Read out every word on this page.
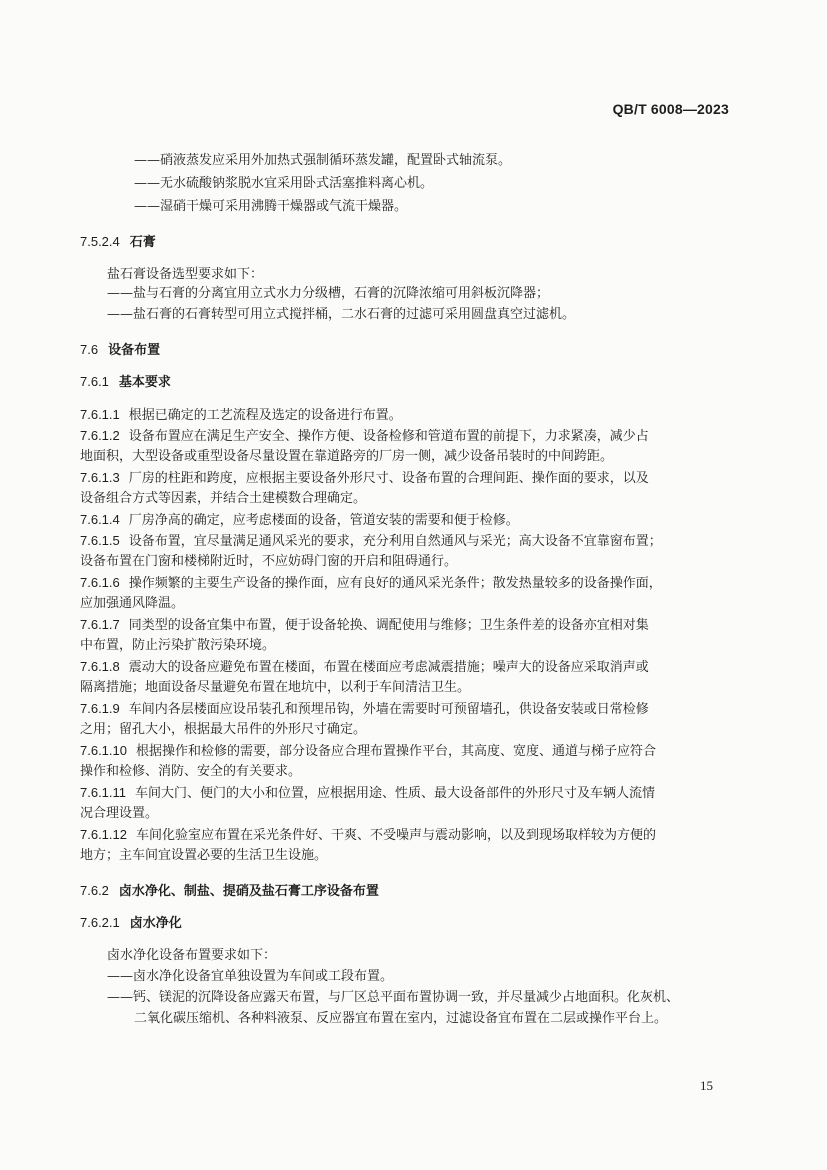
QB/T 6008—2023
——硝液蒸发应采用外加热式强制循环蒸发罐，配置卧式轴流泵。
——无水硫酸钠浆脱水宜采用卧式活塞推料离心机。
——湿硝干燥可采用沸腾干燥器或气流干燥器。
7.5.2.4 石膏
盐石膏设备选型要求如下：
——盐与石膏的分离宜用立式水力分级槽，石膏的沉降浓缩可用斜板沉降器；
——盐石膏的石膏转型可用立式搅拌桶，二水石膏的过滤可采用圆盘真空过滤机。
7.6 设备布置
7.6.1 基本要求
7.6.1.1 根据已确定的工艺流程及选定的设备进行布置。
7.6.1.2 设备布置应在满足生产安全、操作方便、设备检修和管道布置的前提下，力求紧凑，减少占
地面积，大型设备或重型设备尽量设置在靠道路旁的厂房一侧，减少设备吊装时的中间跨距。
7.6.1.3 厂房的柱距和跨度，应根据主要设备外形尺寸、设备布置的合理间距、操作面的要求，以及
设备组合方式等因素，并结合土建模数合理确定。
7.6.1.4 厂房净高的确定，应考虑楼面的设备，管道安装的需要和便于检修。
7.6.1.5 设备布置，宜尽量满足通风采光的要求，充分利用自然通风与采光；高大设备不宜靠窗布置；
设备布置在门窗和楼梯附近时，不应妨碍门窗的开启和阻碍通行。
7.6.1.6 操作频繁的主要生产设备的操作面，应有良好的通风采光条件；散发热量较多的设备操作面，
应加强通风降温。
7.6.1.7 同类型的设备宜集中布置，便于设备轮换、调配使用与维修；卫生条件差的设备亦宜相对集
中布置，防止污染扩散污染环境。
7.6.1.8 震动大的设备应避免布置在楼面，布置在楼面应考虑减震措施；噪声大的设备应采取消声或
隔离措施；地面设备尽量避免布置在地坑中，以利于车间清洁卫生。
7.6.1.9 车间内各层楼面应设吊装孔和预埋吊钩，外墙在需要时可预留墙孔，供设备安装或日常检修
之用；留孔大小，根据最大吊件的外形尺寸确定。
7.6.1.10 根据操作和检修的需要，部分设备应合理布置操作平台，其高度、宽度、通道与梯子应符合
操作和检修、消防、安全的有关要求。
7.6.1.11 车间大门、便门的大小和位置，应根据用途、性质、最大设备部件的外形尺寸及车辆人流情
况合理设置。
7.6.1.12 车间化验室应布置在采光条件好、干爽、不受噪声与震动影响，以及到现场取样较为方便的
地方；主车间宜设置必要的生活卫生设施。
7.6.2 卤水净化、制盐、提硝及盐石膏工序设备布置
7.6.2.1 卤水净化
卤水净化设备布置要求如下：
——卤水净化设备宜单独设置为车间或工段布置。
——钙、镁泥的沉降设备应露天布置，与厂区总平面布置协调一致，并尽量减少占地面积。化灰机、
二氧化碳压缩机、各种料液泵、反应器宜布置在室内，过滤设备宜布置在二层或操作平台上。
15
